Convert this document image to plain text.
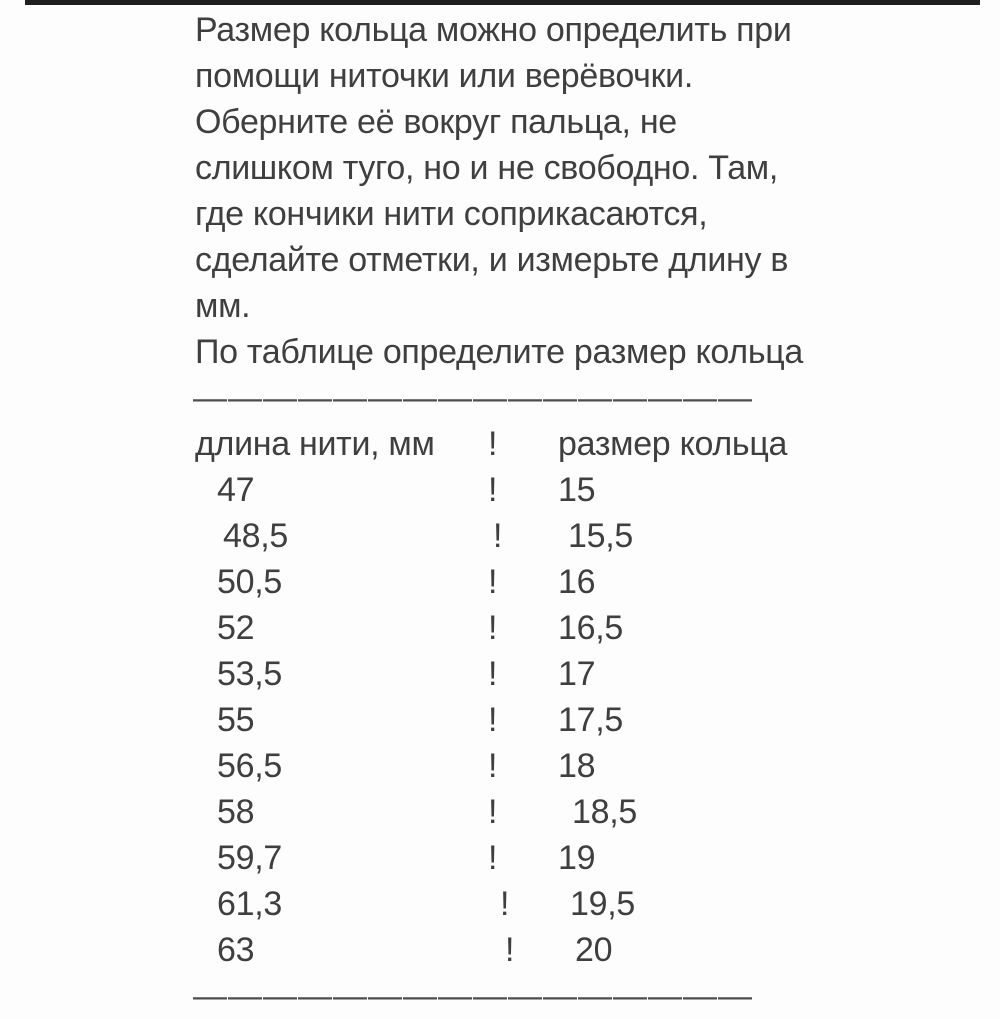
Размер кольца можно определить при
помощи ниточки или верёвочки.
Оберните её вокруг пальца, не
слишком туго, но и не свободно. Там,
где кончики нити соприкасаются,
сделайте отметки, и измерьте длину в
мм.
По таблице определите размер кольца
————————————————
длина нити, мм	!	размер кольца
47	!	15
48,5	!	15,5
50,5	!	16
52	!	16,5
53,5	!	17
55	!	17,5
56,5	!	18
58	!	18,5
59,7	!	19
61,3	!	19,5
63	!	20
————————————————
